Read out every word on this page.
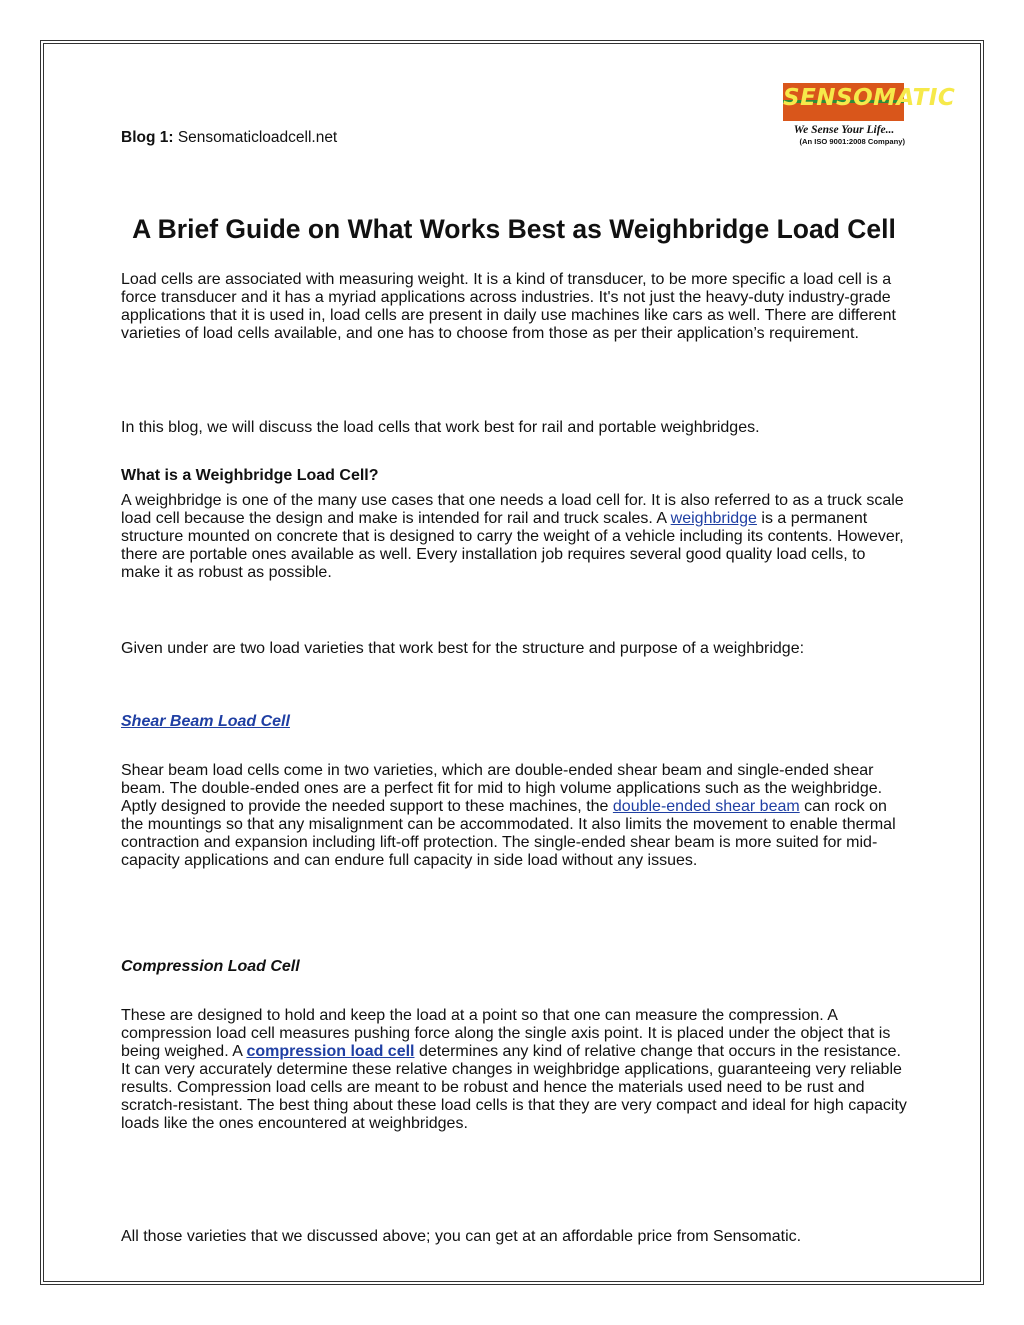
Blog 1: Sensomaticloadcell.net
SENSOMATIC
We Sense Your Life...
(An ISO 9001:2008 Company)
A Brief Guide on What Works Best as Weighbridge Load Cell

Load cells are associated with measuring weight. It is a kind of transducer, to be more specific a load cell is a force transducer and it has a myriad applications across industries. It's not just the heavy-duty industry-grade applications that it is used in, load cells are present in daily use machines like cars as well. There are different varieties of load cells available, and one has to choose from those as per their application’s requirement.

In this blog, we will discuss the load cells that work best for rail and portable weighbridges.

What is a Weighbridge Load Cell?

A weighbridge is one of the many use cases that one needs a load cell for. It is also referred to as a truck scale load cell because the design and make is intended for rail and truck scales. A weighbridge is a permanent structure mounted on concrete that is designed to carry the weight of a vehicle including its contents. However, there are portable ones available as well. Every installation job requires several good quality load cells, to make it as robust as possible.

Given under are two load varieties that work best for the structure and purpose of a weighbridge:

Shear Beam Load Cell

Shear beam load cells come in two varieties, which are double-ended shear beam and single-ended shear beam. The double-ended ones are a perfect fit for mid to high volume applications such as the weighbridge. Aptly designed to provide the needed support to these machines, the double-ended shear beam can rock on the mountings so that any misalignment can be accommodated. It also limits the movement to enable thermal contraction and expansion including lift-off protection. The single-ended shear beam is more suited for mid-capacity applications and can endure full capacity in side load without any issues.

Compression Load Cell

These are designed to hold and keep the load at a point so that one can measure the compression. A compression load cell measures pushing force along the single axis point. It is placed under the object that is being weighed. A compression load cell determines any kind of relative change that occurs in the resistance. It can very accurately determine these relative changes in weighbridge applications, guaranteeing very reliable results. Compression load cells are meant to be robust and hence the materials used need to be rust and scratch-resistant. The best thing about these load cells is that they are very compact and ideal for high capacity loads like the ones encountered at weighbridges.

All those varieties that we discussed above; you can get at an affordable price from Sensomatic.
